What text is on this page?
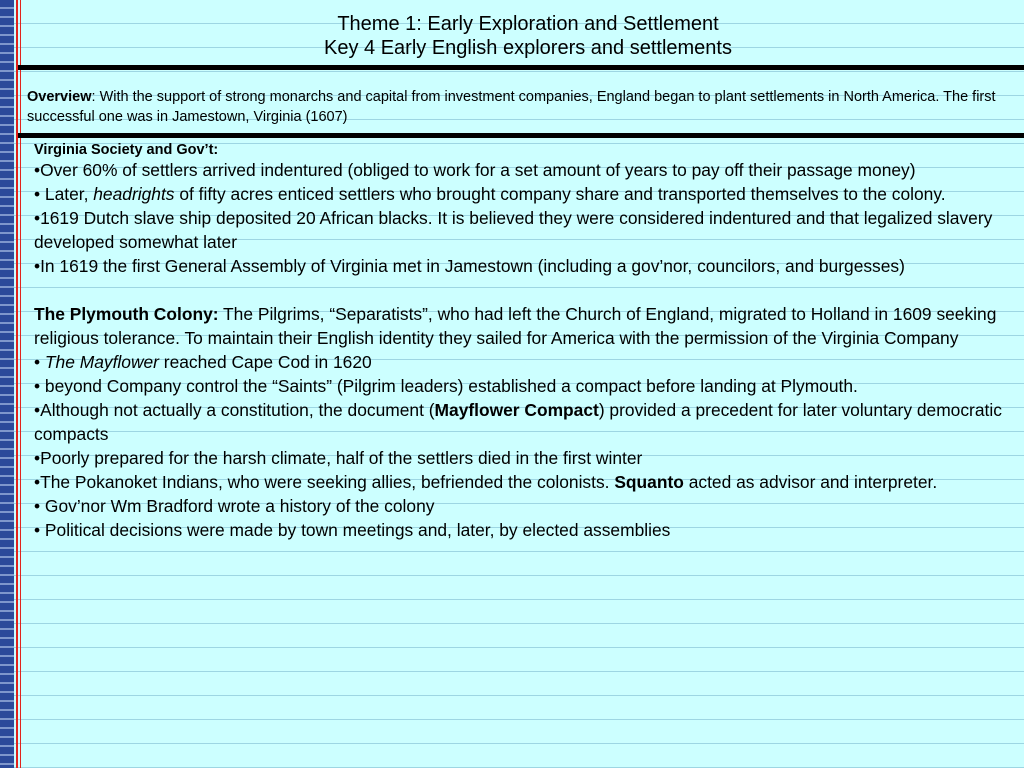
Theme 1: Early Exploration and Settlement
Key 4 Early English explorers and settlements
Overview: With the support of strong monarchs and capital from investment companies, England began to plant settlements in North America. The first successful one was in Jamestown, Virginia (1607)

Virginia Society and Gov’t:

•Over 60% of settlers arrived indentured (obliged to work for a set amount of years to pay off their passage money)

• Later, headrights of fifty acres enticed settlers who brought company share and transported themselves to the colony.

•1619 Dutch slave ship deposited 20 African blacks. It is believed they were considered indentured and that legalized slavery developed somewhat later

•In 1619 the first General Assembly of Virginia met in Jamestown (including a gov’nor, councilors, and burgesses)

The Plymouth Colony: The Pilgrims, “Separatists”, who had left the Church of England, migrated to Holland in 1609 seeking religious tolerance. To maintain their English identity they sailed for America with the permission of the Virginia Company

• The Mayflower reached Cape Cod in 1620

• beyond Company control the “Saints” (Pilgrim leaders) established a compact before landing at Plymouth.

•Although not actually a constitution, the document (Mayflower Compact) provided a precedent for later voluntary democratic compacts

•Poorly prepared for the harsh climate, half of the settlers died in the first winter

•The Pokanoket Indians, who were seeking allies, befriended the colonists. Squanto acted as advisor and interpreter.

• Gov’nor Wm Bradford wrote a history of the colony

• Political decisions were made by town meetings and, later, by elected assemblies
